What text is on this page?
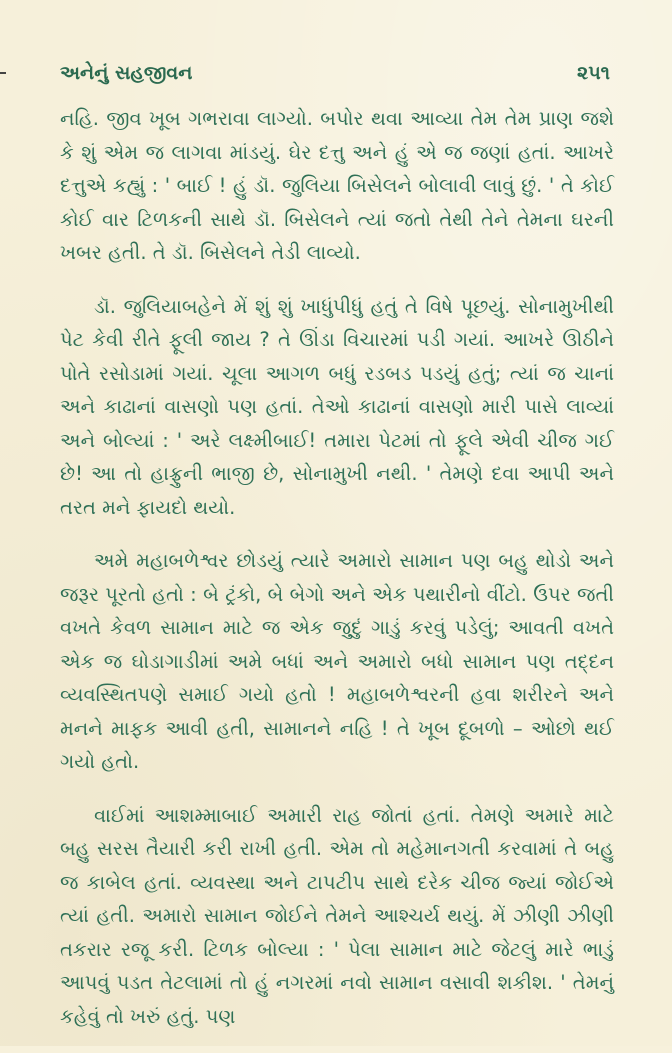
અનેનું સહજીવન	૨૫૧

નહિ. જીવ ખૂબ ગભરાવા લાગ્યો. બપોર થવા આવ્યા તેમ તેમ પ્રાણ જશે કે શું એમ જ લાગવા માંડયું. ઘેર દત્તુ અને હું એ જ જણાં હતાં. આખરે દત્તુએ કહ્યું : ' બાઈ ! હું ડૉ. જુલિયા બિસેલને બોલાવી લાવું છું. ' તે કોઈ કોઈ વાર ટિળકની સાથે ડૉ. બિસેલને ત્યાં જતો તેથી તેને તેમના ઘરની ખબર હતી. તે ડૉ. બિસેલને તેડી લાવ્યો.

ડૉ. જુલિયાબહેને મેં શું શું ખાધુંપીધું હતું તે વિષે પૂછયું. સોનામુખીથી પેટ કેવી રીતે ફૂલી જાય ? તે ઊંડા વિચારમાં પડી ગયાં. આખરે ઊઠીને પોતે રસોડામાં ગયાં. ચૂલા આગળ બધું રડબડ પડયું હતું; ત્યાં જ ચાનાં અને કાઢાનાં વાસણો પણ હતાં. તેઓ કાઢાનાં વાસણો મારી પાસે લાવ્યાં અને બોલ્યાં : ' અરે લક્ષ્મીબાઈ! તમારા પેટમાં તો ફૂલે એવી ચીજ ગઈ છે! આ તો હાફ્રુની ભાજી છે, સોનામુખી નથી. ' તેમણે દવા આપી અને તરત મને ફાયદો થયો.

અમે મહાબળેશ્વર છોડયું ત્યારે અમારો સામાન પણ બહુ થોડો અને જરૂર પૂરતો હતો : બે ટ્રંકો, બે બેગો અને એક પથારીનો વીંટો. ઉપર જતી વખતે કેવળ સામાન માટે જ એક જુદું ગાડું કરવું પડેલું; આવતી વખતે એક જ ઘોડાગાડીમાં અમે બધાં અને અમારો બધો સામાન પણ તદ્દન વ્યવસ્થિતપણે સમાઈ ગયો હતો ! મહાબળેશ્વરની હવા શરીરને અને મનને માફક આવી હતી, સામાનને નહિ ! તે ખૂબ દૂબળો – ઓછો થઈ ગયો હતો.

વાઈમાં આશમ્માબાઈ અમારી રાહ જોતાં હતાં. તેમણે અમારે માટે બહુ સરસ તૈયારી કરી રાખી હતી. એમ તો મહેમાનગતી કરવામાં તે બહુ જ કાબેલ હતાં. વ્યવસ્થા અને ટાપટીપ સાથે દરેક ચીજ જ્યાં જોઈએ ત્યાં હતી. અમારો સામાન જોઈને તેમને આશ્ચર્ય થયું. મેં ઝીણી ઝીણી તકરાર રજૂ કરી. ટિળક બોલ્યા : ' પેલા સામાન માટે જેટલું મારે ભાડું આપવું પડત તેટલામાં તો હું નગરમાં નવો સામાન વસાવી શકીશ. ' તેમનું કહેવું તો ખરું હતું. પણ
